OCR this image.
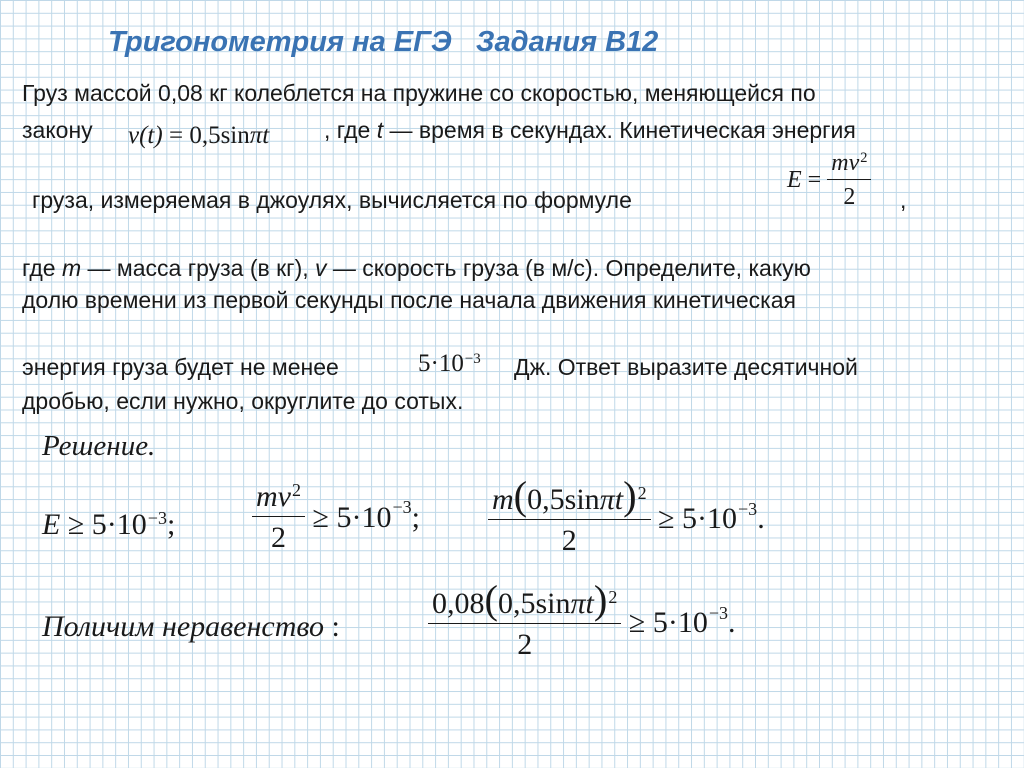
Тригонометрия на ЕГЭ   Задания B12
Груз массой 0,08 кг колеблется на пружине со скоростью, меняющейся по
закону v(t) = 0,5sinπt , где t — время в секундах. Кинетическая энергия
груза, измеряемая в джоулях, вычисляется по формуле
E
=
$\frac{mv^2}{2}$ ,
где m — масса груза (в кг), v — скорость груза (в м/с). Определите, какую
долю времени из первой секунды после начала движения кинетическая
энергия груза будет не менее	$5\cdot 10^{-3}$ Дж. Ответ выразите десятичной
дробью, если нужно, округлите до сотых.
Решение.
$E \ge 5\cdot 10^{-3}$;	$\frac{mv^2}{2}$
≥
5 · 10 −3 ; $\frac{m(0,5\sin\pi t)^2}{2}$
≥
5 · 10 −3 .
Поличим неравенство :	$\frac{0,08(0,5\sin\pi t)^2}{2}$
≥
5 · 10 −3 .
